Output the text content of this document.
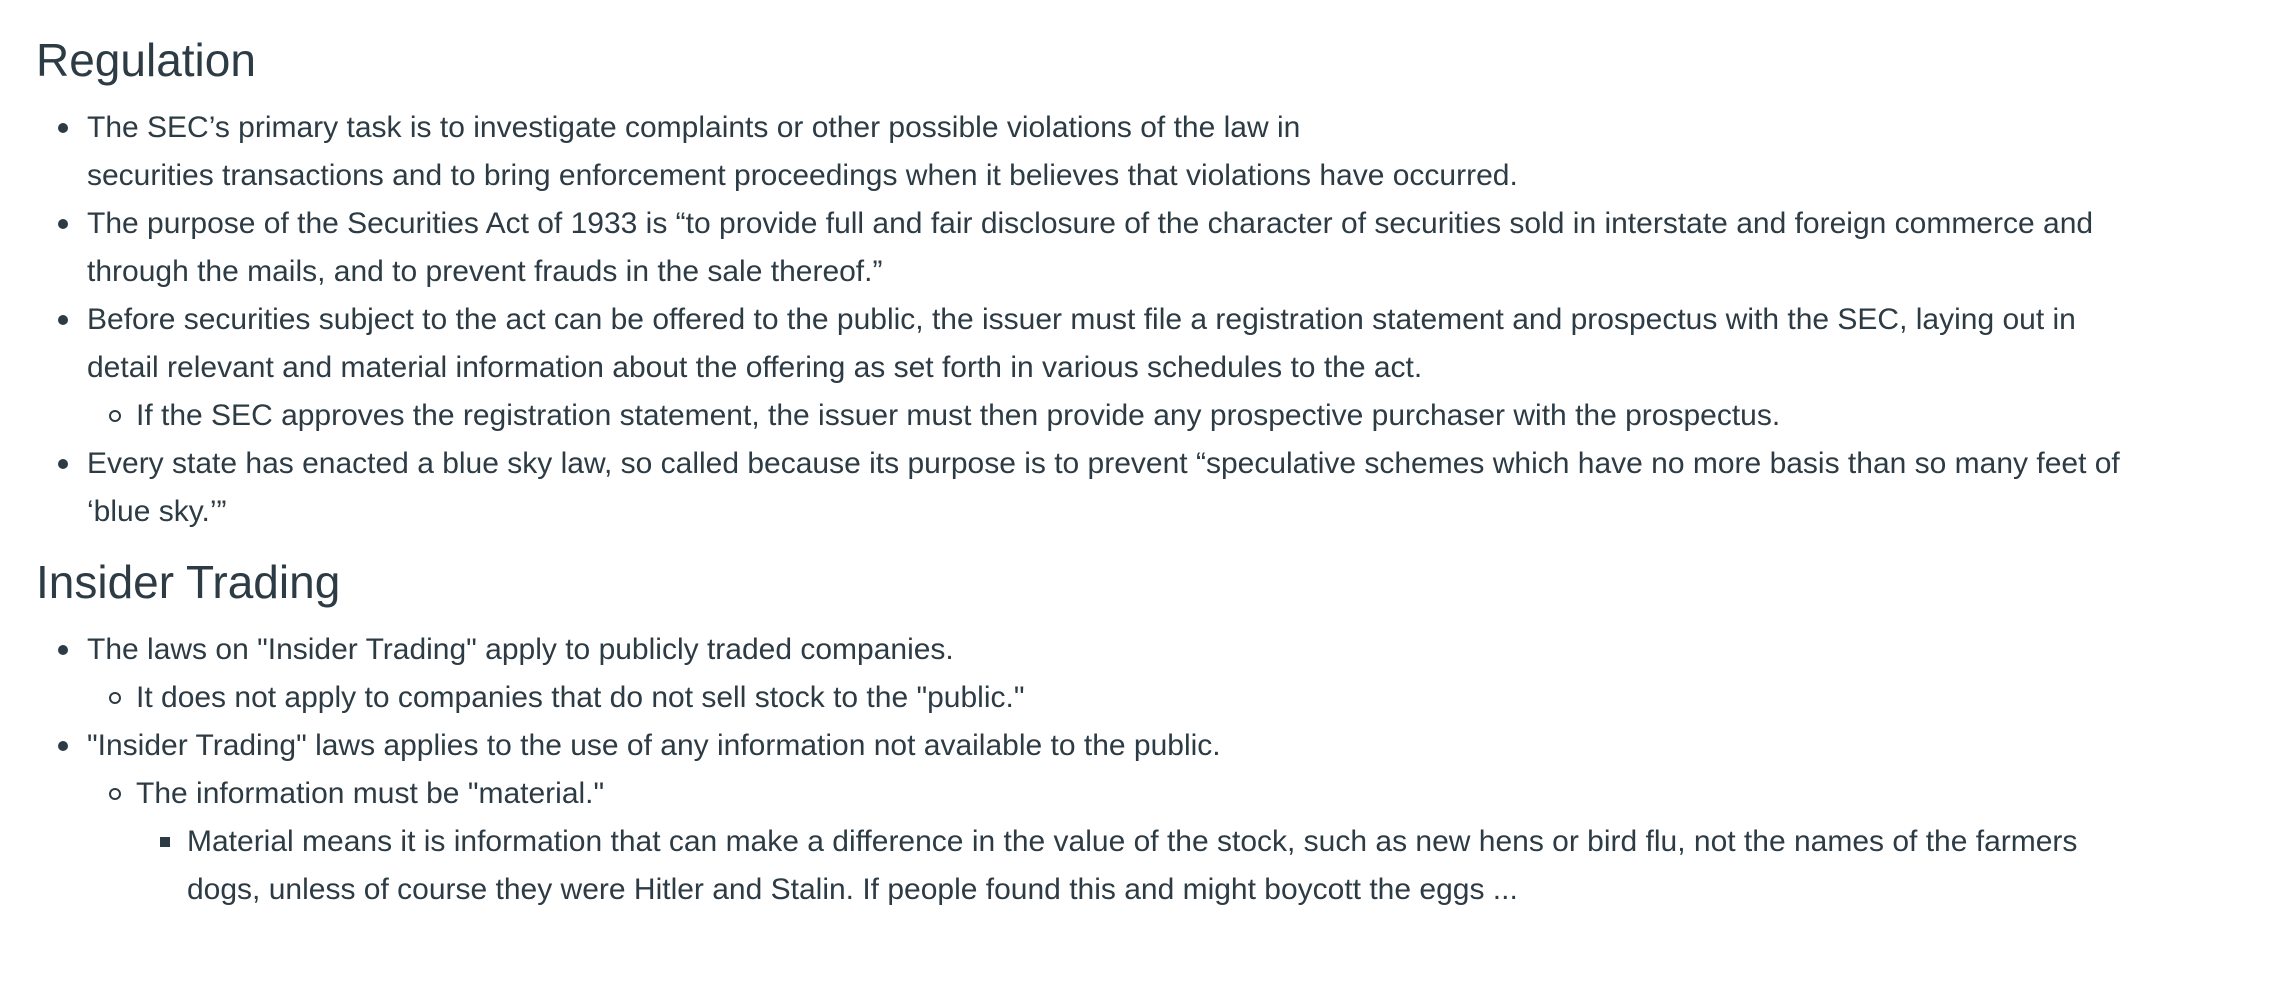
Regulation
The SEC’s primary task is to investigate complaints or other possible violations of the law in
securities transactions and to bring enforcement proceedings when it believes that violations have occurred.
The purpose of the Securities Act of 1933 is “to provide full and fair disclosure of the character of securities sold in interstate and foreign commerce and
through the mails, and to prevent frauds in the sale thereof.”
Before securities subject to the act can be offered to the public, the issuer must file a registration statement and prospectus with the SEC, laying out in
detail relevant and material information about the offering as set forth in various schedules to the act.
If the SEC approves the registration statement, the issuer must then provide any prospective purchaser with the prospectus.
Every state has enacted a blue sky law, so called because its purpose is to prevent “speculative schemes which have no more basis than so many feet of
‘blue sky.’”
Insider Trading
The laws on "Insider Trading" apply to publicly traded companies.
It does not apply to companies that do not sell stock to the "public."
"Insider Trading" laws applies to the use of any information not available to the public.
The information must be "material."
Material means it is information that can make a difference in the value of the stock, such as new hens or bird flu, not the names of the farmers
dogs, unless of course they were Hitler and Stalin. If people found this and might boycott the eggs ...
